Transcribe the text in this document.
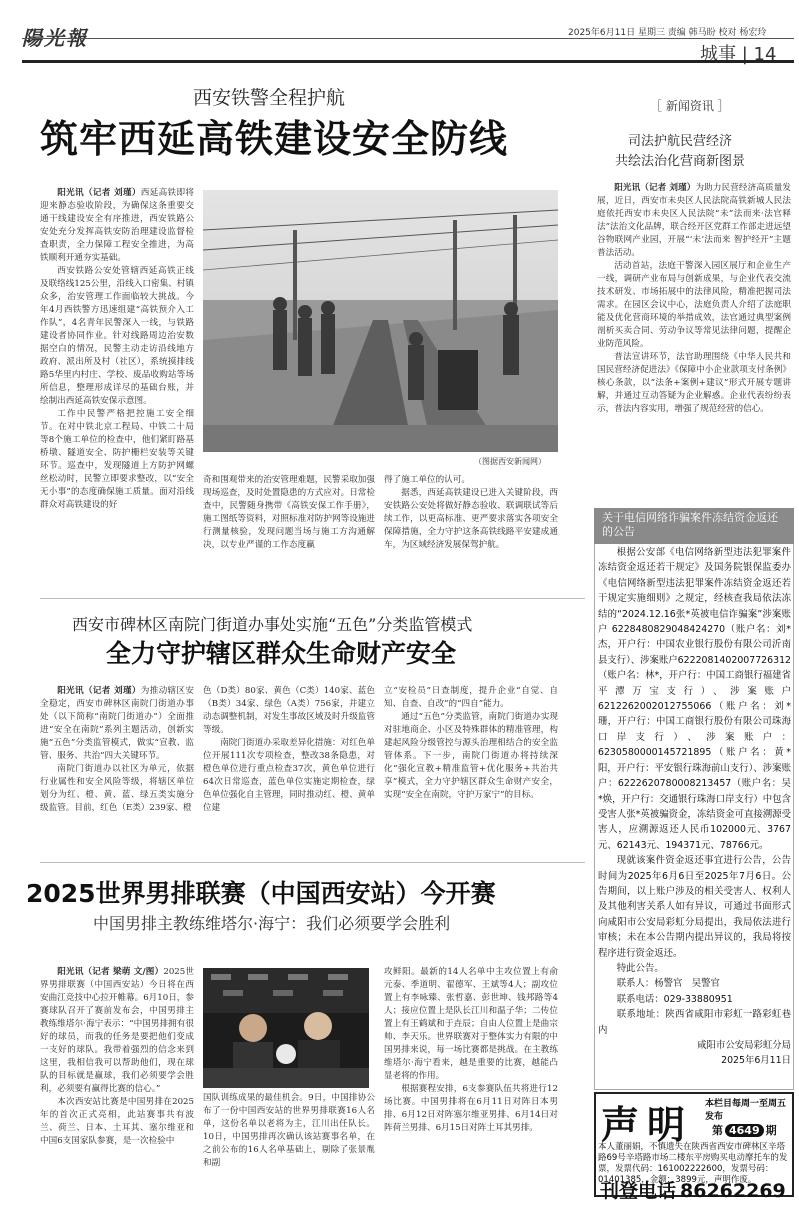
陽光報	2025年6月11日 星期三 责编 韩马盼 校对 杨宏玲
城事 | 14
西安铁警全程护航
筑牢西延高铁建设安全防线

阳光讯（记者 刘瑾）西延高铁即将迎来静态验收阶段，为确保这条重要交通干线建设安全有序推进，西安铁路公安处充分发挥高铁安防治理建设监督检查职责，全力保障工程安全推进，为高铁顺利开通夯实基础。

西安铁路公安处管辖西延高铁正线及联络线125公里，沿线入口密集、村镇众多，治安管理工作面临较大挑战。今年4月西铁警方迅速组建“高铁预介入工作队”，4名青年民警深入一线，与铁路建设者协同作业。针对线路周边治安数据空白的情况，民警主动走访沿线地方政府、派出所及村（社区），系统摸排线路5华里内村庄、学校、废品收购站等场所信息，整理形成详尽的基础台账，并绘制出西延高铁安保示意图。

工作中民警严格把控施工安全细节。在对中铁北京工程局、中铁二十局等8个施工单位的检查中，他们紧盯路基桥墩、隧道安全、防护栅栏安装等关键环节。巡查中，发现隧道上方防护网螺丝松动时，民警立即要求整改，以“安全无小事”的态度确保施工质量。面对沿线群众对高铁建设的好

（图据西安新闻网）

奇和围观带来的治安管理难题，民警采取加强现场巡查，及时处置隐患的方式应对。日常检查中，民警随身携带《高铁安保工作手册》，施工图纸等资料，对照标准对防护网等设施进行测量核验，发现问题当场与施工方沟通解决，以专业严谨的工作态度赢

得了施工单位的认可。

据悉，西延高铁建设已进入关键阶段，西安铁路公安处将做好静态验收、联调联试等后续工作，以更高标准、更严要求落实各项安全保障措施，全力守护这条高铁线路平安建成通车，为区域经济发展保驾护航。

［ 新闻资讯 ］
司法护航民营经济
共绘法治化营商新图景

阳光讯（记者 刘瑾）为助力民营经济高质量发展，近日，西安市未央区人民法院高铁新城人民法庭依托西安市未央区人民法院“未”法而来·法官释法”法治文化品牌，联合经开区党群工作部走进远望谷物联网产业园，开展“‘未’法而来 智护经开”主题普法活动。

活动首站，法庭干警深入园区展厅和企业生产一线，调研产业布局与创新成果，与企业代表交流技术研发、市场拓展中的法律风险，精准把握司法需求。在园区会议中心，法庭负责人介绍了法庭职能及优化营商环境的举措成效，法官通过典型案例剖析买卖合同、劳动争议等常见法律问题，提醒企业防范风险。

普法宣讲环节，法官助理围绕《中华人民共和国民营经济促进法》《保障中小企业款项支付条例》核心条款，以“法条+案例+建议”形式开展专题讲解，并通过互动答疑为企业解惑。企业代表纷纷表示，普法内容实用，增强了规范经营的信心。

关于电信网络诈骗案件冻结资金返还的公告

根据公安部《电信网络新型违法犯罪案件冻结资金返还若干规定》及国务院银保监委办《电信网络新型违法犯罪案件冻结资金返还若干规定实施细则》之规定，经核查我局依法冻结的“2024.12.16张*英被电信诈骗案”涉案账户 6228480829048424270（账户名：刘*杰，开户行：中国农业银行股份有限公司沂南县支行）、涉案账户6222081402007726312（账户名：林*，开户行：中国工商银行福建省平潭万宝支行）、涉案账户6212262002012755066（账户名：刘*珊，开户行：中国工商银行股份有限公司珠海口岸支行）、涉案账户：6230580000145721895（账户名：黄*阳，开户行：平安银行珠海前山支行）、涉案账户：6222620780008213457（账户名：吴*焕，开户行：交通银行珠海口岸支行）中包含受害人张*英被骗资金，冻结资金可直接溯源受害人，应溯源返还人民币102000元、3767元、62143元、194371元、78766元。

现就该案件资金返还事宜进行公告，公告时间为2025年6月6日至2025年7月6日。公告期间，以上账户涉及的相关受害人、权利人及其他利害关系人如有异议，可通过书面形式向咸阳市公安局彩虹分局提出，我局依法进行审核；未在本公告期内提出异议的，我局将按程序进行资金返还。

特此公告。

联系人：杨警官　吴警官

联系电话：029-33880951

联系地址：陕西省咸阳市彩虹一路彩虹巷内

咸阳市公安局彩虹分局

2025年6月11日

西安市碑林区南院门街道办事处实施“五色”分类监管模式
全力守护辖区群众生命财产安全

阳光讯（记者 刘瑾）为推动辖区安全稳定，西安市碑林区南院门街道办事处（以下简称“南院门街道办”）全面推进“安全在南院”系列主题活动，创新实施“五色”分类监管模式，做实“宣教、监管、服务、共治”四大关键环节。

南院门街道办以社区为单元，依据行业属性和安全风险等级，将辖区单位划分为红、橙、黄、蓝、绿五类实施分级监管。目前，红色（E类）239家、橙

色（D类）80家、黄色（C类）140家、蓝色（B类）34家、绿色（A类）756家，并建立动态调整机制，对发生事故区域及时升级监管等级。

南院门街道办采取差异化措施：对红色单位开展111次专项检查，整改38条隐患，对橙色单位进行重点检查37次，黄色单位进行64次日常巡查，蓝色单位实施定期检查，绿色单位强化自主管理，同时推动红、橙、黄单位建

立“安检员”日查制度，提升企业“自觉、自知、自查、自改”的“四自”能力。

通过“五色”分类监管，南院门街道办实现对驻地商企、小区及特殊群体的精准管理，构建起风险分级管控与源头治理相结合的安全监管体系。下一步，南院门街道办将持续深化“强化宣教+精准监管+优化服务+共治共享”模式，全力守护辖区群众生命财产安全，实现“安全在南院，守护万家宁”的目标。

2025世界男排联赛（中国西安站）今开赛
中国男排主教练维塔尔·海宁：我们必须要学会胜利

阳光讯（记者 梁萌 文/图）2025世界男排联赛（中国西安站）今日将在西安曲江竞技中心拉开帷幕。6月10日，参赛球队召开了赛前发布会，中国男排主教练维塔尔·海宁表示：“中国男排拥有很好的球员，而我的任务是要把他们变成一支好的球队。我带着强烈的信念来到这里，我相信我可以帮助他们，现在球队的目标就是赢球，我们必须要学会胜利，必须要有赢得比赛的信心。”

本次西安站比赛是中国男排在2025年的首次正式亮相，此站赛事共有波兰、荷兰、日本、土耳其、塞尔维亚和中国6支国家队参赛，是一次检验中

国队训练成果的最佳机会。9日，中国排协公布了一份中国西安站的世界男排联赛16人名单，这份名单以老将为主，江川出任队长。10日，中国男排再次确认该站赛事名单，在之前公布的16人名单基础上，剔除了张景胤和副

攻鲜阳。最新的14人名单中主攻位置上有俞元泰、季道明、翟德军、王斌等4人；副攻位置上有李咏臻、张哲嘉、彭世坤、钱邦路等4人；接应位置上是队长江川和温子华；二传位置上有王鹤斌和于垚辰；自由人位置上是曲宗帅、李天乐。世界联赛对于整体实力有限的中国男排来说，每一场比赛都是挑战。在主教练维塔尔·海宁看来，越是重要的比赛，越能凸显老将的作用。

根据赛程安排，6支参赛队伍共将进行12场比赛。中国男排将在6月11日对阵日本男排、6月12日对阵塞尔维亚男排、6月14日对阵荷兰男排、6月15日对阵土耳其男排。	声明 本栏目每周一至周五发布
第 4649 期
本人董丽娟，不慎遗失在陕西省西安市碑林区辛塔路69号辛塔路市场二楼东平房购买电动摩托车的发票，发票代码：161002222600，发票号码：01401385，金额：3899元，声明作废。
刊登电话 86262269
